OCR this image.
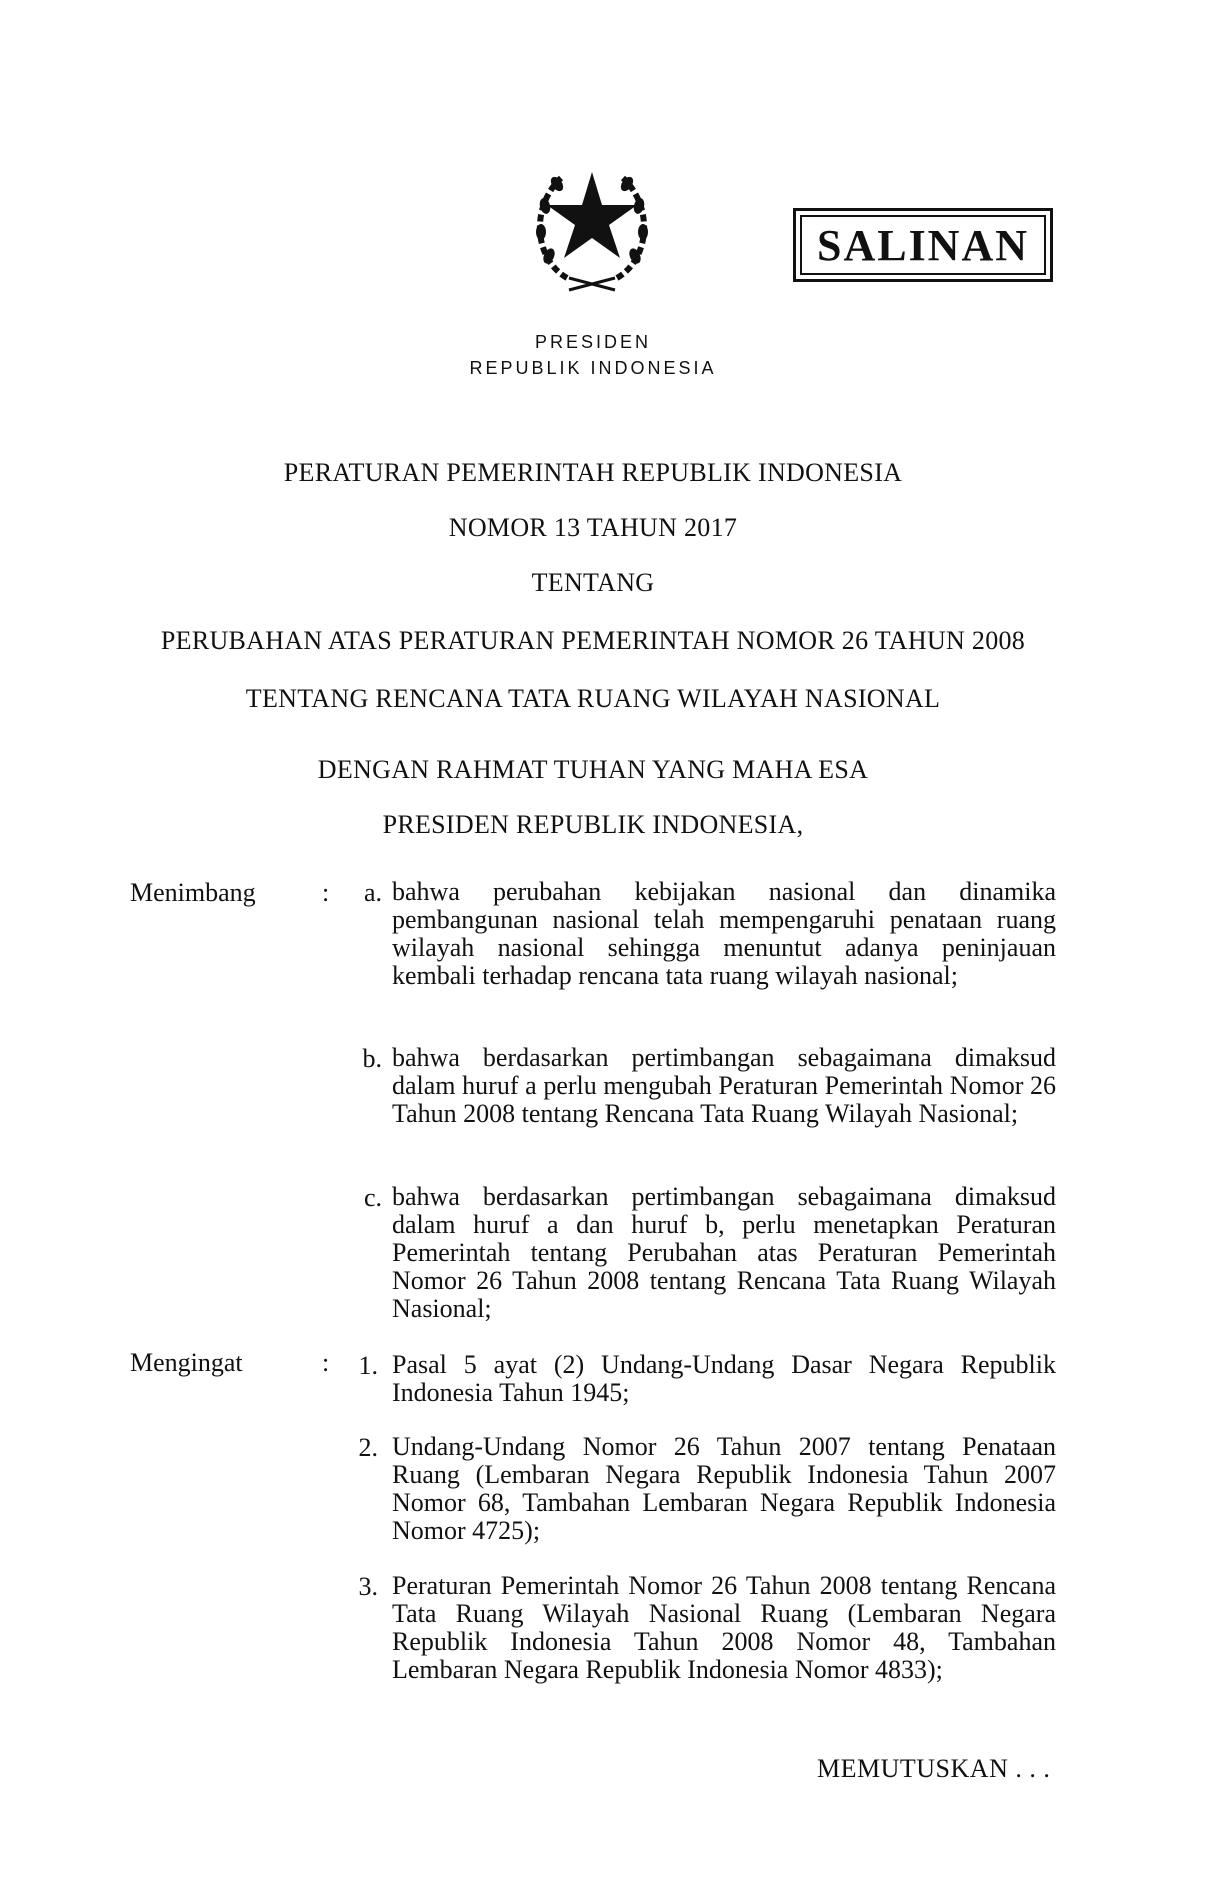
SALINAN
PRESIDEN
REPUBLIK INDONESIA
PERATURAN PEMERINTAH REPUBLIK INDONESIA
NOMOR 13 TAHUN 2017
TENTANG
PERUBAHAN ATAS PERATURAN PEMERINTAH NOMOR 26 TAHUN 2008
TENTANG RENCANA TATA RUANG WILAYAH NASIONAL
DENGAN RAHMAT TUHAN YANG MAHA ESA
PRESIDEN REPUBLIK INDONESIA,
Menimbang	:	a. bahwa perubahan kebijakan nasional dan dinamika pembangunan nasional telah mempengaruhi penataan ruang wilayah nasional sehingga menuntut adanya peninjauan kembali terhadap rencana tata ruang wilayah nasional;
b. bahwa berdasarkan pertimbangan sebagaimana dimaksud dalam huruf a perlu mengubah Peraturan Pemerintah Nomor 26 Tahun 2008 tentang Rencana Tata Ruang Wilayah Nasional;
c. bahwa berdasarkan pertimbangan sebagaimana dimaksud dalam huruf a dan huruf b, perlu menetapkan Peraturan Pemerintah tentang Perubahan atas Peraturan Pemerintah Nomor 26 Tahun 2008 tentang Rencana Tata Ruang Wilayah Nasional;
Mengingat	:	1. Pasal 5 ayat (2) Undang-Undang Dasar Negara Republik Indonesia Tahun 1945;
2. Undang-Undang Nomor 26 Tahun 2007 tentang Penataan Ruang (Lembaran Negara Republik Indonesia Tahun 2007 Nomor 68, Tambahan Lembaran Negara Republik Indonesia Nomor 4725);
3. Peraturan Pemerintah Nomor 26 Tahun 2008 tentang Rencana Tata Ruang Wilayah Nasional Ruang (Lembaran Negara Republik Indonesia Tahun 2008 Nomor 48, Tambahan Lembaran Negara Republik Indonesia Nomor 4833);
MEMUTUSKAN . . .
